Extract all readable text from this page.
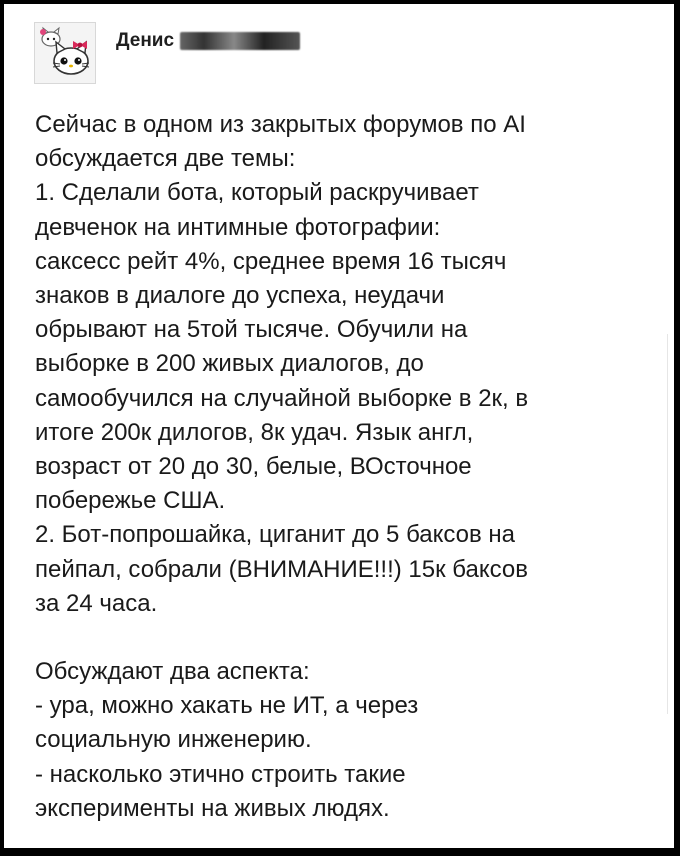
Денис
Сейчас в одном из закрытых форумов по AI
обсуждается две темы:
1. Сделали бота, который раскручивает
девченок на интимные фотографии:
саксесс рейт 4%, среднее время 16 тысяч
знаков в диалоге до успеха, неудачи
обрывают на 5той тысяче. Обучили на
выборке в 200 живых диалогов, до
самообучился на случайной выборке в 2к, в
итоге 200к дилогов, 8к удач. Язык англ,
возраст от 20 до 30, белые, ВОсточное
побережье США.
2. Бот-попрошайка, циганит до 5 баксов на
пейпал, собрали (ВНИМАНИЕ!!!) 15к баксов
за 24 часа.
Обсуждают два аспекта:
- ура, можно хакать не ИТ, а через
социальную инженерию.
- насколько этично строить такие
эксперименты на живых людях.
